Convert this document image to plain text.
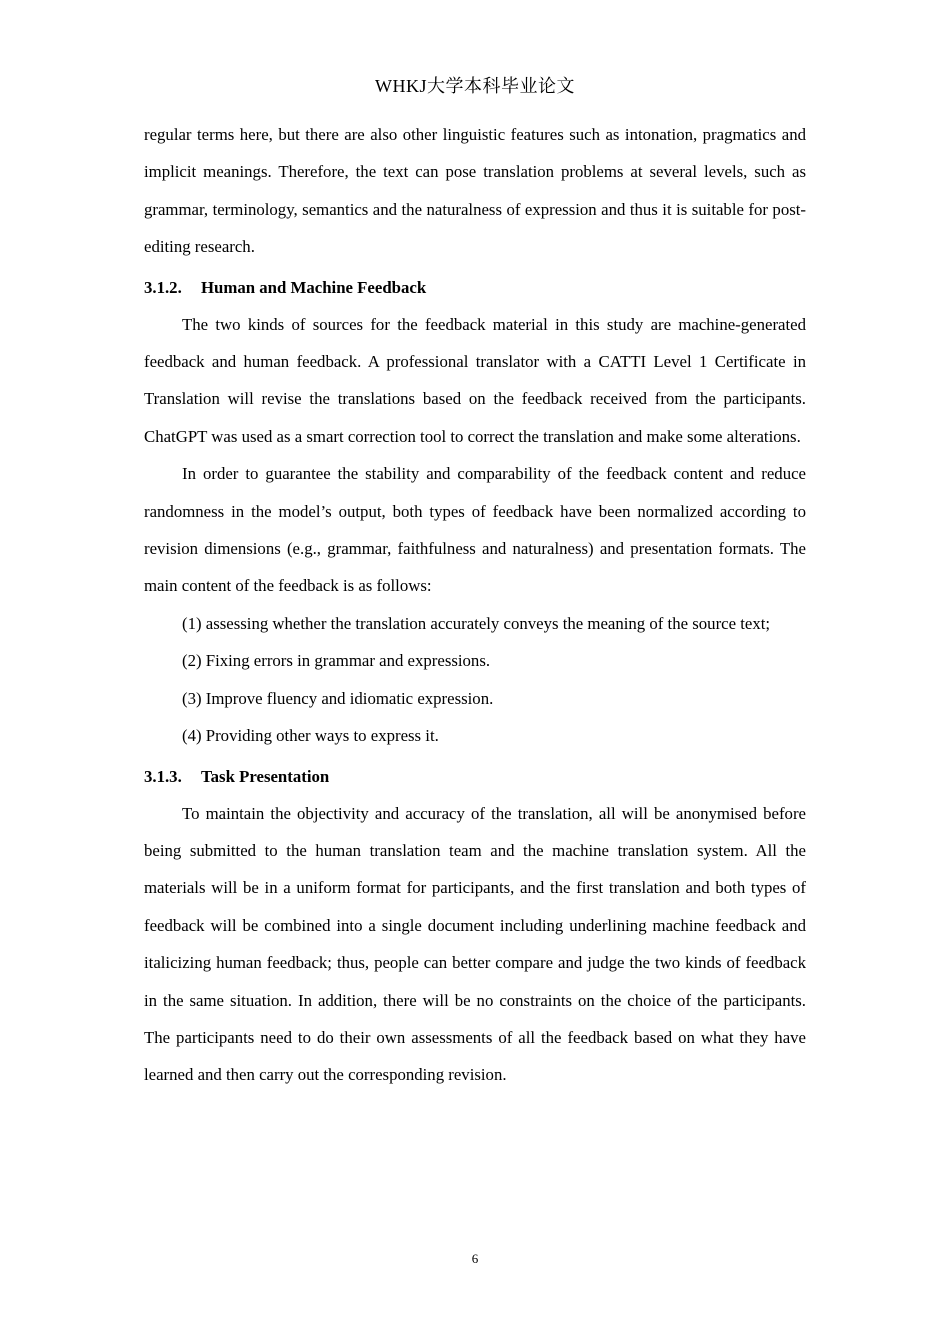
WHKJ大学本科毕业论文

regular terms here, but there are also other linguistic features such as intonation, pragmatics and implicit meanings. Therefore, the text can pose translation problems at several levels, such as grammar, terminology, semantics and the naturalness of expression and thus it is suitable for post-editing research.

3.1.2. Human and Machine Feedback

The two kinds of sources for the feedback material in this study are machine-generated feedback and human feedback. A professional translator with a CATTI Level 1 Certificate in Translation will revise the translations based on the feedback received from the participants. ChatGPT was used as a smart correction tool to correct the translation and make some alterations.

In order to guarantee the stability and comparability of the feedback content and reduce randomness in the model’s output, both types of feedback have been normalized according to revision dimensions (e.g., grammar, faithfulness and naturalness) and presentation formats. The main content of the feedback is as follows:

(1) assessing whether the translation accurately conveys the meaning of the source text;

(2) Fixing errors in grammar and expressions.

(3) Improve fluency and idiomatic expression.

(4) Providing other ways to express it.

3.1.3. Task Presentation

To maintain the objectivity and accuracy of the translation, all will be anonymised before being submitted to the human translation team and the machine translation system. All the materials will be in a uniform format for participants, and the first translation and both types of feedback will be combined into a single document including underlining machine feedback and italicizing human feedback; thus, people can better compare and judge the two kinds of feedback in the same situation. In addition, there will be no constraints on the choice of the participants. The participants need to do their own assessments of all the feedback based on what they have learned and then carry out the corresponding revision.

6
